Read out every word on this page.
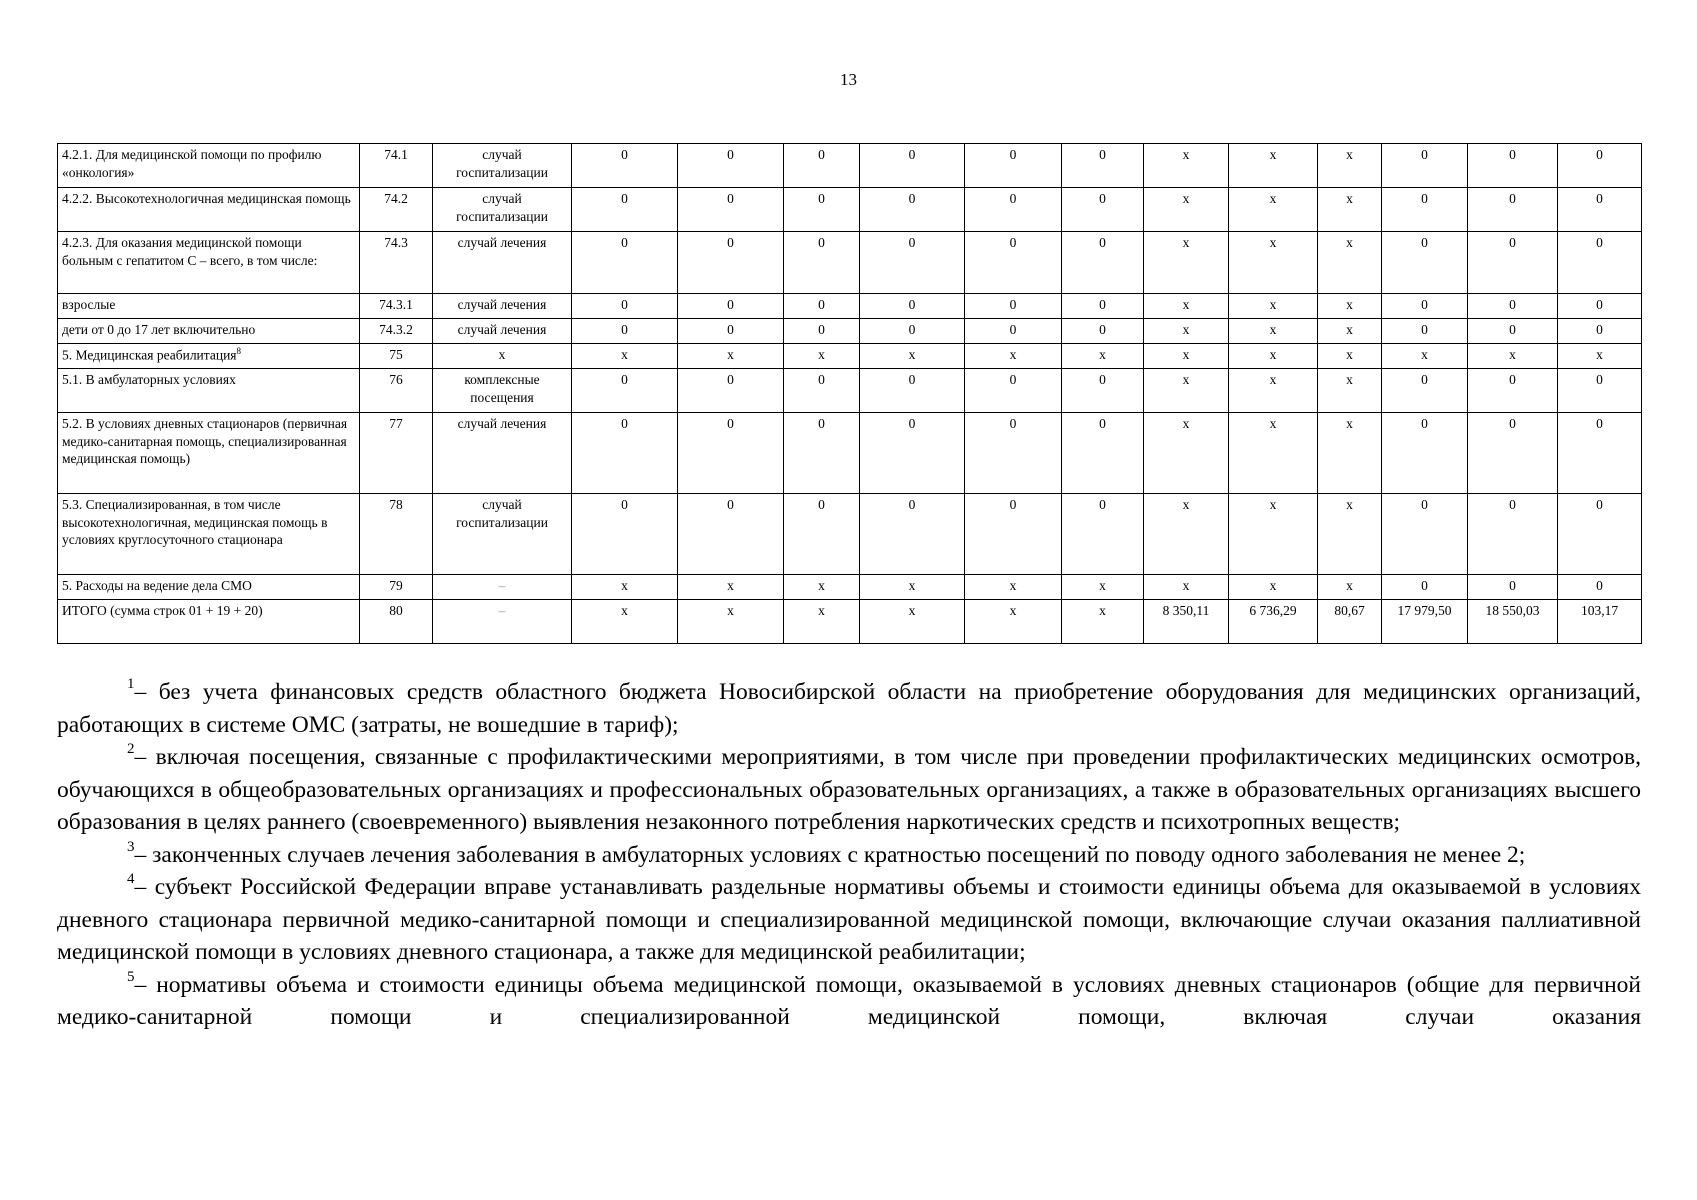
13
4.2.1. Для медицинской помощи по профилю «онкология»	74.1	случай госпитализации	0	0	0	0	0	0	x	x	x	0	0	0
4.2.2. Высокотехнологичная медицинская помощь	74.2	случай госпитализации	0	0	0	0	0	0	x	x	x	0	0	0
4.2.3. Для оказания медицинской помощи больным с гепатитом С – всего, в том числе:	74.3	случай лечения	0	0	0	0	0	0	x	x	x	0	0	0
взрослые	74.3.1	случай лечения	0	0	0	0	0	0	x	x	x	0	0	0
дети от 0 до 17 лет включительно	74.3.2	случай лечения	0	0	0	0	0	0	x	x	x	0	0	0
5. Медицинская реабилитация$^8$	75	x	x	x	x	x	x	x	x	x	x	x	x	x
5.1. В амбулаторных условиях	76	комплексные посещения	0	0	0	0	0	0	x	x	x	0	0	0
5.2. В условиях дневных стационаров (первичная медико-санитарная помощь, специализированная медицинская помощь)	77	случай лечения	0	0	0	0	0	0	x	x	x	0	0	0
5.3. Специализированная, в том числе высокотехнологичная, медицинская помощь в условиях круглосуточного стационара	78	случай госпитализации	0	0	0	0	0	0	x	x	x	0	0	0
5. Расходы на ведение дела СМО	79	–	x	x	x	x	x	x	x	x	x	0	0	0
ИТОГО (сумма строк 01 + 19 + 20)	80	–	x	x	x	x	x	x	8 350,11	6 736,29	80,67	17 979,50	18 550,03	103,17

$^1$– без учета финансовых средств областного бюджета Новосибирской области на приобретение оборудования для медицинских организаций, работающих в системе ОМС (затраты, не вошедшие в тариф);

$^2$– включая посещения, связанные с профилактическими мероприятиями, в том числе при проведении профилактических медицинских осмотров, обучающихся в общеобразовательных организациях и профессиональных образовательных организациях, а также в образовательных организациях высшего образования в целях раннего (своевременного) выявления незаконного потребления наркотических средств и психотропных веществ;

$^3$– законченных случаев лечения заболевания в амбулаторных условиях с кратностью посещений по поводу одного заболевания не менее 2;

$^4$– субъект Российской Федерации вправе устанавливать раздельные нормативы объемы и стоимости единицы объема для оказываемой в условиях дневного стационара первичной медико-санитарной помощи и специализированной медицинской помощи, включающие случаи оказания паллиативной медицинской помощи в условиях дневного стационара, а также для медицинской реабилитации;

$^5$– нормативы объема и стоимости единицы объема медицинской помощи, оказываемой в условиях дневных стационаров (общие для первичной медико-санитарной помощи и специализированной медицинской помощи, включая случаи оказания
